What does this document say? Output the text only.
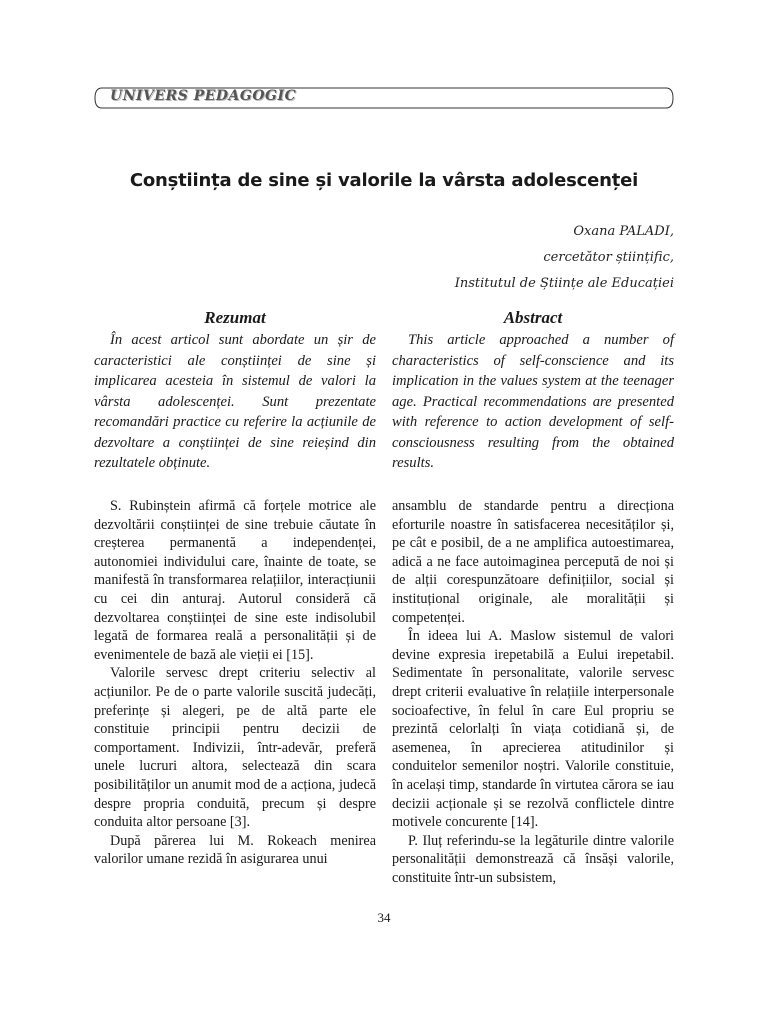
UNIVERS PEDAGOGIC
Conștiința de sine și valorile la vârsta adolescenței
Oxana PALADI,
cercetător științific,
Institutul de Științe ale Educației
Rezumat

În acest articol sunt abordate un șir de caracteristici ale conștiinței de sine și implicarea acesteia în sistemul de valori la vârsta adolescenței. Sunt prezentate recomandări practice cu referire la acțiunile de dezvoltare a conștiinței de sine reieșind din rezultatele obținute.

Abstract

This article approached a number of characteristics of self-conscience and its implication in the values system at the teenager age. Practical recommendations are presented with reference to action development of self-consciousness resulting from the obtained results.

S. Rubinștein afirmă că forțele motrice ale dezvoltării conștiinței de sine trebuie căutate în creșterea permanentă a independenței, autonomiei individului care, înainte de toate, se manifestă în transformarea relațiilor, interacțiunii cu cei din anturaj. Autorul consideră că dezvoltarea conștiinței de sine este indisolubil legată de formarea reală a personalității și de evenimentele de bază ale vieții ei [15].

Valorile servesc drept criteriu selectiv al acțiunilor. Pe de o parte valorile suscită judecăți, preferințe și alegeri, pe de altă parte ele constituie principii pentru decizii de comportament. Indivizii, într-adevăr, preferă unele lucruri altora, selectează din scara posibilităților un anumit mod de a acționa, judecă despre propria conduită, precum și despre conduita altor persoane [3].

După părerea lui M. Rokeach menirea valorilor umane rezidă în asigurarea unui

ansamblu de standarde pentru a direcționa eforturile noastre în satisfacerea necesităților și, pe cât e posibil, de a ne amplifica autoestimarea, adică a ne face autoimaginea percepută de noi și de alții corespunzătoare definițiilor, social și instituțional originale, ale moralității și competenței.

În ideea lui A. Maslow sistemul de valori devine expresia irepetabilă a Eului irepetabil. Sedimentate în personalitate, valorile servesc drept criterii evaluative în relațiile interpersonale socioafective, în felul în care Eul propriu se prezintă celorlalți în viața cotidiană și, de asemenea, în aprecierea atitudinilor și conduitelor semenilor noștri. Valorile constituie, în același timp, standarde în virtutea cărora se iau decizii acționale și se rezolvă conflictele dintre motivele concurente [14].

P. Iluț referindu-se la legăturile dintre valorile personalității demonstrează că însăși valorile, constituite într-un subsistem,

34
